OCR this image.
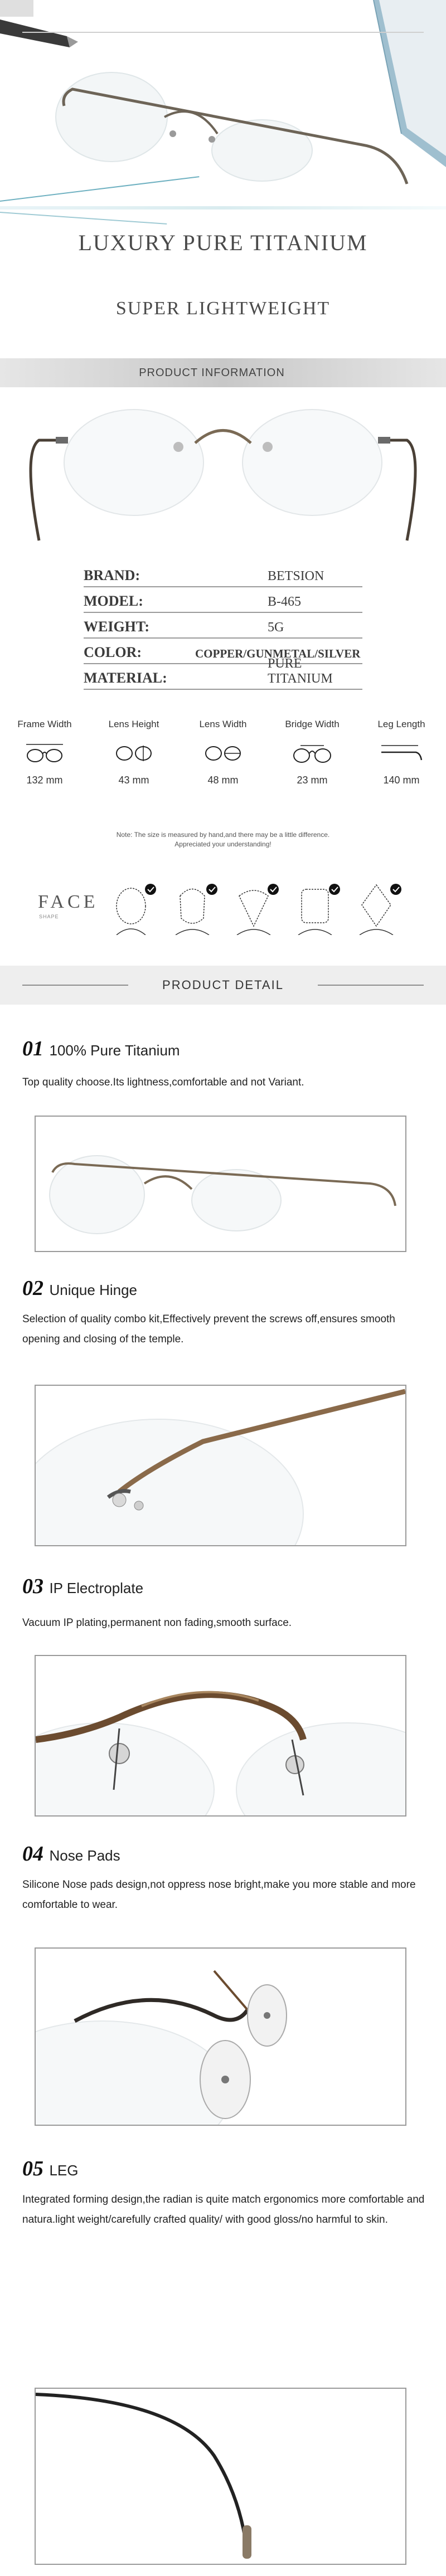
LUXURY PURE TITANIUM
SUPER LIGHTWEIGHT
PRODUCT INFORMATION
BRAND:	BETSION
MODEL:	B-465
WEIGHT:	5G
COLOR:	COPPER/GUNMETAL/SILVER
MATERIAL:
PURE TITANIUM
Frame Width
132 mm
Lens Height
43 mm
Lens Width
48 mm
Bridge Width
23 mm
Leg Length
140 mm
Note: The size is measured by hand,and there may be a little difference.
Appreciated your understanding!
FACE
SHAPE
PRODUCT DETAIL
01 100% Pure Titanium
Top quality choose.Its lightness,comfortable and not Variant.
02 Unique Hinge
Selection of quality combo kit,Effectively prevent the screws off,ensures smooth opening and closing of the temple.
03 IP Electroplate
Vacuum IP plating,permanent non fading,smooth surface.
04 Nose Pads
Silicone Nose pads design,not oppress nose bright,make you more stable and more comfortable to wear.
05 LEG
Integrated forming design,the radian is quite match ergonomics more comfortable and natura.light weight/carefully crafted quality/ with good gloss/no harmful to skin.
